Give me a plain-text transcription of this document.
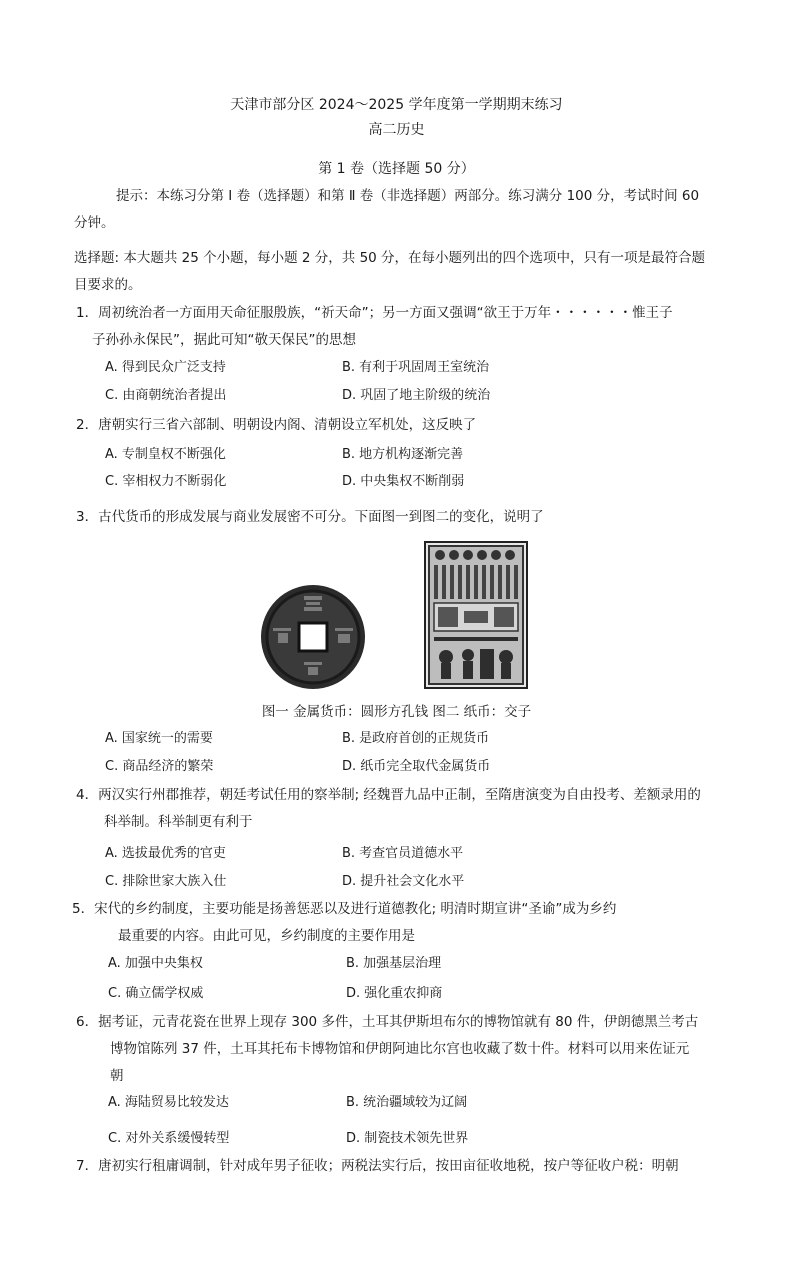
天津市部分区 2024～2025 学年度第一学期期末练习
高二历史
第 1 卷（选择题 50 分）
提示：本练习分第 Ⅰ 卷（选择题）和第 Ⅱ 卷（非选择题）两部分。练习满分 100 分，考试时间 60
分钟。
选择题: 本大题共 25 个小题，每小题 2 分，共 50 分，在每小题列出的四个选项中，只有一项是最符合题
目要求的。
1．周初统治者一方面用天命征服殷族，“祈天命”；另一方面又强调“欲王于万年・・・・・・惟王子
子孙孙永保民”，据此可知“敬天保民”的思想
A. 得到民众广泛支持	B. 有利于巩固周王室统治
C. 由商朝统治者提出	D. 巩固了地主阶级的统治
2．唐朝实行三省六部制、明朝设内阁、清朝设立军机处，这反映了
A. 专制皇权不断强化	B. 地方机构逐渐完善
C. 宰相权力不断弱化	D. 中央集权不断削弱
3．古代货币的形成发展与商业发展密不可分。下面图一到图二的变化，说明了
图一 金属货币：圆形方孔钱 图二 纸币：交子
A. 国家统一的需要	B. 是政府首创的正规货币
C. 商品经济的繁荣	D. 纸币完全取代金属货币
4．两汉实行州郡推荐，朝廷考试任用的察举制; 经魏晋九品中正制，至隋唐演变为自由投考、差额录用的
科举制。科举制更有利于
A. 选拔最优秀的官吏	B. 考查官员道德水平
C. 排除世家大族入仕	D. 提升社会文化水平
5．宋代的乡约制度，主要功能是扬善惩恶以及进行道德教化; 明清时期宣讲“圣谕”成为乡约
最重要的内容。由此可见，乡约制度的主要作用是
A. 加强中央集权	B. 加强基层治理
C. 确立儒学权威	D. 强化重农抑商
6．据考证，元青花瓷在世界上现存 300 多件，土耳其伊斯坦布尔的博物馆就有 80 件，伊朗德黑兰考古
博物馆陈列 37 件，土耳其托布卡博物馆和伊朗阿迪比尔宫也收藏了数十件。材料可以用来佐证元
朝
A. 海陆贸易比较发达	B. 统治疆域较为辽阔
C. 对外关系缓慢转型	D. 制瓷技术领先世界
7．唐初实行租庸调制，针对成年男子征收；两税法实行后，按田亩征收地税，按户等征收户税：明朝
